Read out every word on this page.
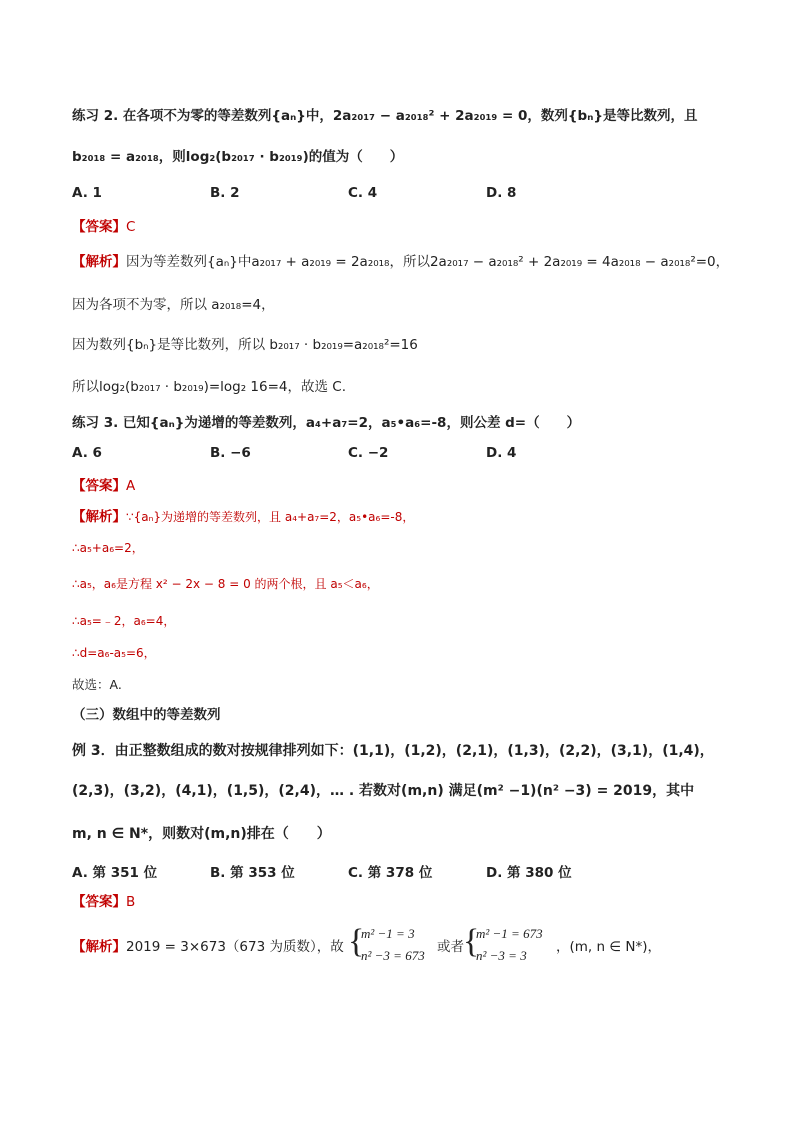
练习 2. 在各项不为零的等差数列{aₙ}中，2a₂₀₁₇ − a₂₀₁₈² + 2a₂₀₁₉ = 0，数列{bₙ}是等比数列，且
b₂₀₁₈ = a₂₀₁₈，则log₂(b₂₀₁₇ · b₂₀₁₉)的值为（　　）
A. 1	B. 2	C. 4	D. 8
【答案】C
【解析】因为等差数列{aₙ}中a₂₀₁₇ + a₂₀₁₉ = 2a₂₀₁₈，所以2a₂₀₁₇ − a₂₀₁₈² + 2a₂₀₁₉ = 4a₂₀₁₈ − a₂₀₁₈²=0，
因为各项不为零，所以 a₂₀₁₈=4，
因为数列{bₙ}是等比数列，所以 b₂₀₁₇ · b₂₀₁₉=a₂₀₁₈²=16
所以log₂(b₂₀₁₇ · b₂₀₁₉)=log₂ 16=4，故选 C.
练习 3. 已知{aₙ}为递增的等差数列，a₄+a₇=2，a₅•a₆=-8，则公差 d=（　　）
A. 6	B. −6	C. −2	D. 4
【答案】A
【解析】∵{aₙ}为递增的等差数列，且 a₄+a₇=2，a₅•a₆=-8，
∴a₅+a₆=2，
∴a₅，a₆是方程 x² − 2x − 8 = 0 的两个根，且 a₅＜a₆，
∴a₅=﹣2，a₆=4，
∴d=a₆-a₅=6，
故选：A.
（三）数组中的等差数列
例 3．由正整数组成的数对按规律排列如下：(1,1)，(1,2)，(2,1)，(1,3)，(2,2)，(3,1)，(1,4)，
(2,3)，(3,2)，(4,1)，(1,5)，(2,4)，… . 若数对(m,n) 满足(m² −1)(n² −3) = 2019，其中
m, n ∈ N*，则数对(m,n)排在（　　）
A. 第 351 位	B. 第 353 位	C. 第 378 位	D. 第 380 位
【答案】B
【解析】2019 = 3×673（673 为质数），故 {
m² −1 = 3
n² −3 = 673
或者 {
m² −1 = 673
n² −3 = 3
，(m, n ∈ N*)，
